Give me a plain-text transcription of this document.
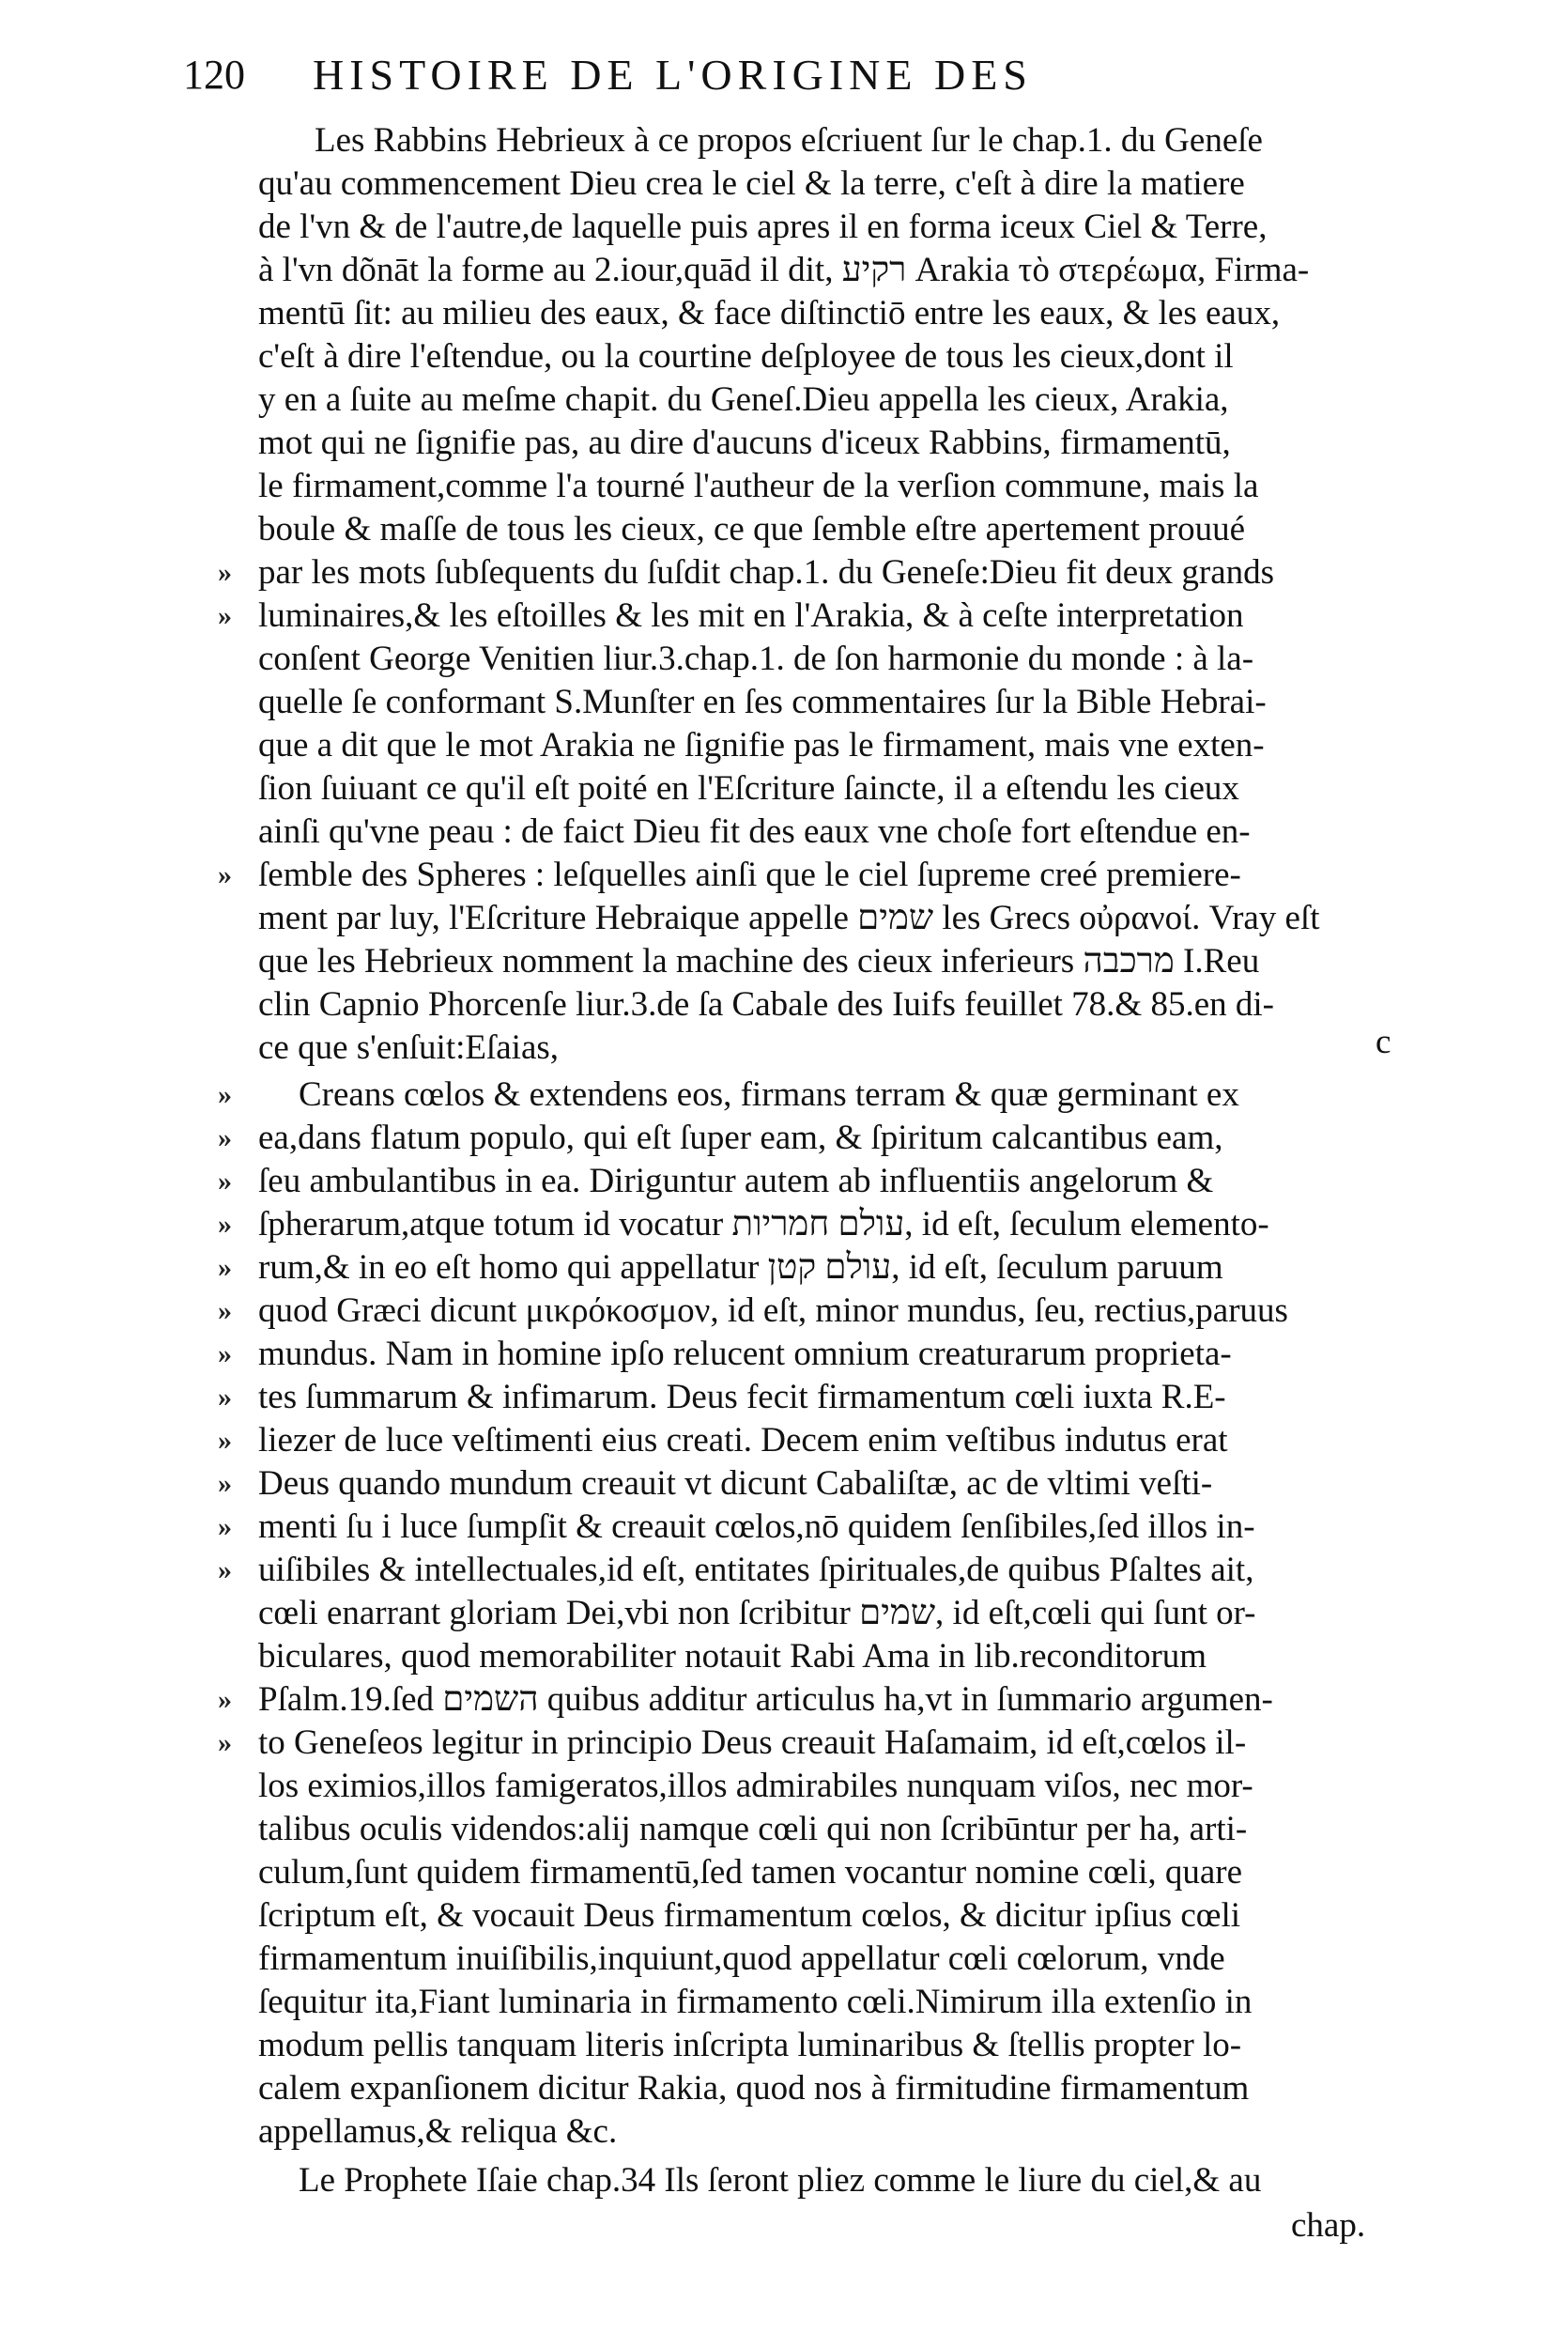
120 HISTOIRE DE L'ORIGINE DES
Les Rabbins Hebrieux à ce propos eſcriuent ſur le chap.1. du Geneſe
qu'au commencement Dieu crea le ciel & la terre, c'eſt à dire la matiere
de l'vn & de l'autre,de laquelle puis apres il en forma iceux Ciel & Terre,
à l'vn dõnāt la forme au 2.iour,quād il dit, רקיע Arakia τὸ στερέωμα, Firma-
mentū ſit: au milieu des eaux, & face diſtinctiō entre les eaux, & les eaux,
c'eſt à dire l'eſtendue, ou la courtine deſployee de tous les cieux,dont il
y en a ſuite au meſme chapit. du Geneſ.Dieu appella les cieux, Arakia,
mot qui ne ſignifie pas, au dire d'aucuns d'iceux Rabbins, firmamentū,
le firmament,comme l'a tourné l'autheur de la verſion commune, mais la
boule & maſſe de tous les cieux, ce que ſemble eſtre apertement prouué
par les mots ſubſequents du ſuſdit chap.1. du Geneſe:Dieu fit deux grands
luminaires,& les eſtoilles & les mit en l'Arakia, & à ceſte interpretation
conſent George Venitien liur.3.chap.1. de ſon harmonie du monde : à la-
quelle ſe conformant S.Munſter en ſes commentaires ſur la Bible Hebrai-
que a dit que le mot Arakia ne ſignifie pas le firmament, mais vne exten-
ſion ſuiuant ce qu'il eſt poité en l'Eſcriture ſaincte, il a eſtendu les cieux
ainſi qu'vne peau : de faict Dieu fit des eaux vne choſe fort eſtendue en-
ſemble des Spheres : leſquelles ainſi que le ciel ſupreme creé premiere-
ment par luy, l'Eſcriture Hebraique appelle שמים les Grecs οὐρανοί. Vray eſt
que les Hebrieux nomment la machine des cieux inferieurs מרכבה I.Reu
clin Capnio Phorcenſe liur.3.de ſa Cabale des Iuifs feuillet 78.& 85.en di-
ce que s'enſuit:Eſaias,	c
Creans cœlos & extendens eos, firmans terram & quæ germinant ex
ea,dans flatum populo, qui eſt ſuper eam, & ſpiritum calcantibus eam,
ſeu ambulantibus in ea. Diriguntur autem ab influentiis angelorum &
ſpherarum,atque totum id vocatur עולם חמריות, id eſt, ſeculum elemento-
rum,& in eo eſt homo qui appellatur עולם קטן, id eſt, ſeculum paruum
quod Græci dicunt μικρόκοσμον, id eſt, minor mundus, ſeu, rectius,paruus
mundus. Nam in homine ipſo relucent omnium creaturarum proprieta-
tes ſummarum & infimarum. Deus fecit firmamentum cœli iuxta R.E-
liezer de luce veſtimenti eius creati. Decem enim veſtibus indutus erat
Deus quando mundum creauit vt dicunt Cabaliſtæ, ac de vltimi veſti-
menti ſu i luce ſumpſit & creauit cœlos,nō quidem ſenſibiles,ſed illos in-
uiſibiles & intellectuales,id eſt, entitates ſpirituales,de quibus Pſaltes ait,
cœli enarrant gloriam Dei,vbi non ſcribitur שמים, id eſt,cœli qui ſunt or-
biculares, quod memorabiliter notauit Rabi Ama in lib.reconditorum
Pſalm.19.ſed השמים quibus additur articulus ha,vt in ſummario argumen-
to Geneſeos legitur in principio Deus creauit Haſamaim, id eſt,cœlos il-
los eximios,illos famigeratos,illos admirabiles nunquam viſos, nec mor-
talibus oculis videndos:alij namque cœli qui non ſcribūntur per ha, arti-
culum,ſunt quidem firmamentū,ſed tamen vocantur nomine cœli, quare
ſcriptum eſt, & vocauit Deus firmamentum cœlos, & dicitur ipſius cœli
firmamentum inuiſibilis,inquiunt,quod appellatur cœli cœlorum, vnde
ſequitur ita,Fiant luminaria in firmamento cœli.Nimirum illa extenſio in
modum pellis tanquam literis inſcripta luminaribus & ſtellis propter lo-
calem expanſionem dicitur Rakia, quod nos à firmitudine firmamentum
appellamus,& reliqua &c.
Le Prophete Iſaie chap.34 Ils ſeront pliez comme le liure du ciel,& au
chap.
»
»
»
»
»
»
»
»
»
»
»
»
»
»
»
»
»
